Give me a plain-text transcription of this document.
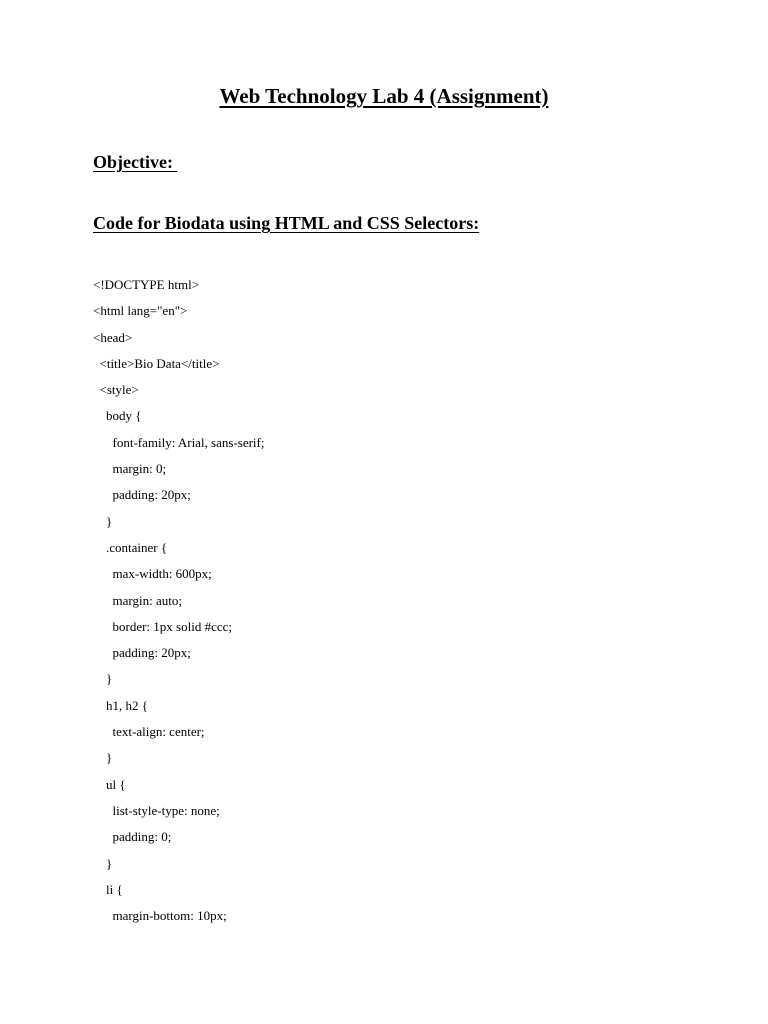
Web Technology Lab 4 (Assignment)
Objective:
Code for Biodata using HTML and CSS Selectors:
<!DOCTYPE html>
<html lang="en">
<head>
<title>Bio Data</title>
<style>
body {
font-family: Arial, sans-serif;
margin: 0;
padding: 20px;
}
.container {
max-width: 600px;
margin: auto;
border: 1px solid #ccc;
padding: 20px;
}
h1, h2 {
text-align: center;
}
ul {
list-style-type: none;
padding: 0;
}
li {
margin-bottom: 10px;
